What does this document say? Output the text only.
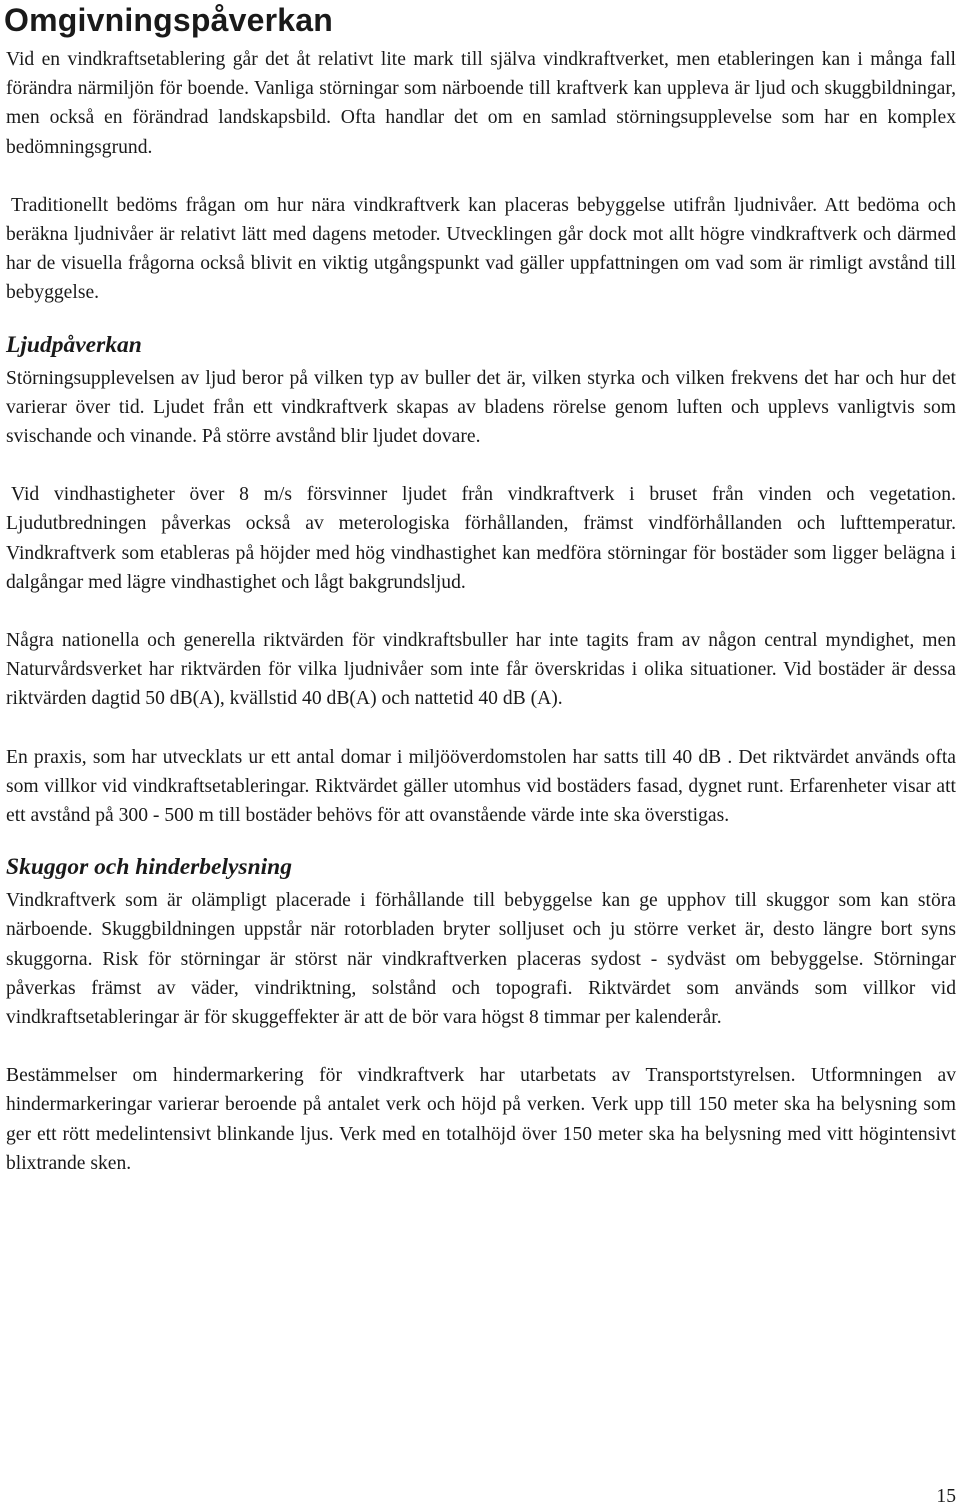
Omgivningspåverkan

Vid en vindkraftsetablering går det åt relativt lite mark till själva vindkraftverket, men etableringen kan i många fall förändra närmiljön för boende. Vanliga störningar som närboende till kraftverk kan uppleva är ljud och skuggbildningar, men också en förändrad landskapsbild. Ofta handlar det om en samlad störningsupplevelse som har en komplex bedömningsgrund.

Traditionellt bedöms frågan om hur nära vindkraftverk kan placeras bebyggelse utifrån ljudnivåer. Att bedöma och beräkna ljudnivåer är relativt lätt med dagens metoder. Utvecklingen går dock mot allt högre vindkraftverk och därmed har de visuella frågorna också blivit en viktig utgångspunkt vad gäller uppfattningen om vad som är rimligt avstånd till bebyggelse.

Ljudpåverkan

Störningsupplevelsen av ljud beror på vilken typ av buller det är, vilken styrka och vilken frekvens det har och hur det varierar över tid. Ljudet från ett vindkraftverk skapas av bladens rörelse genom luften och upplevs vanligtvis som svischande och vinande. På större avstånd blir ljudet dovare.

Vid vindhastigheter över 8 m/s försvinner ljudet från vindkraftverk i bruset från vinden och vegetation. Ljudutbredningen påverkas också av meterologiska förhållanden, främst vindförhållanden och lufttemperatur. Vindkraftverk som etableras på höjder med hög vindhastighet kan medföra störningar för bostäder som ligger belägna i dalgångar med lägre vindhastighet och lågt bakgrundsljud.

Några nationella och generella riktvärden för vindkraftsbuller har inte tagits fram av någon central myndighet, men Naturvårdsverket har riktvärden för vilka ljudnivåer som inte får överskridas i olika situationer. Vid bostäder är dessa riktvärden dagtid 50 dB(A), kvällstid 40 dB(A) och nattetid 40 dB (A).

En praxis, som har utvecklats ur ett antal domar i miljööverdomstolen har satts till 40 dB . Det riktvärdet används ofta som villkor vid vindkraftsetableringar. Riktvärdet gäller utomhus vid bostäders fasad, dygnet runt. Erfarenheter visar att ett avstånd på 300 - 500 m till bostäder behövs för att ovanstående värde inte ska överstigas.

Skuggor och hinderbelysning

Vindkraftverk som är olämpligt placerade i förhållande till bebyggelse kan ge upphov till skuggor som kan störa närboende. Skuggbildningen uppstår när rotorbladen bryter solljuset och ju större verket är, desto längre bort syns skuggorna. Risk för störningar är störst när vindkraftverken placeras sydost - sydväst om bebyggelse. Störningar påverkas främst av väder, vindriktning, solstånd och topografi. Riktvärdet som används som villkor vid vindkraftsetableringar är för skuggeffekter är att de bör vara högst 8 timmar per kalenderår.

Bestämmelser om hindermarkering för vindkraftverk har utarbetats av Transportstyrelsen. Utformningen av hindermarkeringar varierar beroende på antalet verk och höjd på verken. Verk upp till 150 meter ska ha belysning som ger ett rött medelintensivt blinkande ljus. Verk med en totalhöjd över 150 meter ska ha belysning med vitt högintensivt blixtrande sken.

15
